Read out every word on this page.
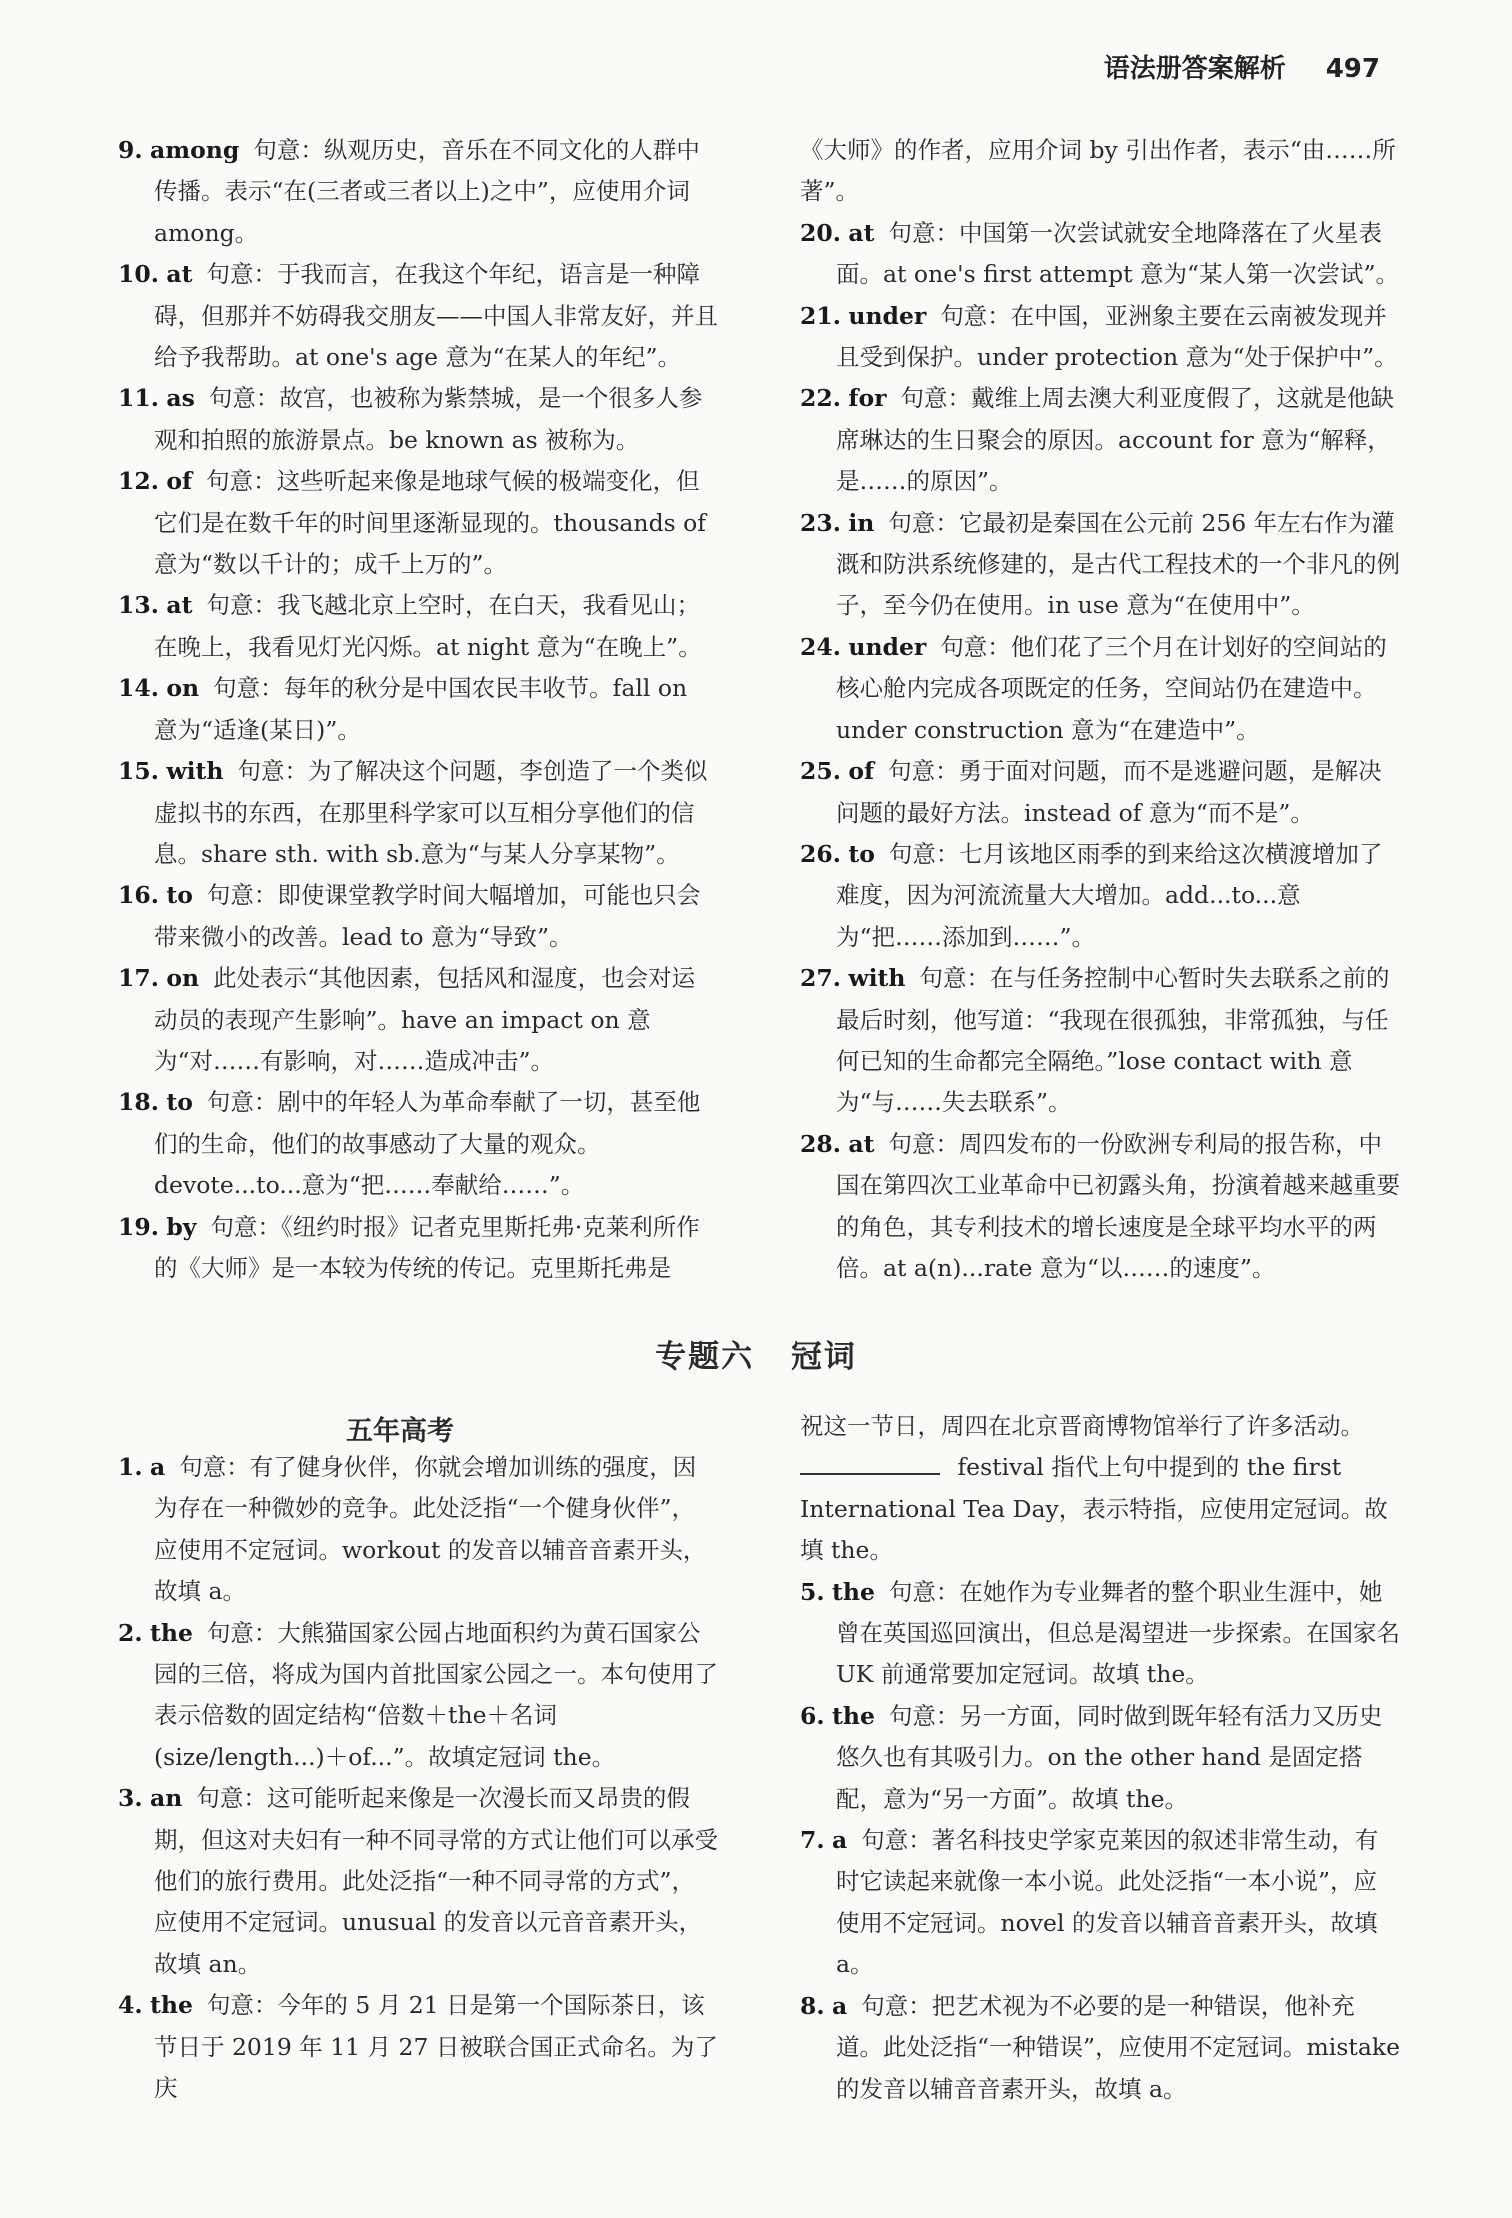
语法册答案解析 497
9. among 句意：纵观历史，音乐在不同文化的人群中传播。表示“在(三者或三者以上)之中”，应使用介词among。
10. at 句意：于我而言，在我这个年纪，语言是一种障碍，但那并不妨碍我交朋友——中国人非常友好，并且给予我帮助。at one's age 意为“在某人的年纪”。
11. as 句意：故宫，也被称为紫禁城，是一个很多人参观和拍照的旅游景点。be known as 被称为。
12. of 句意：这些听起来像是地球气候的极端变化，但它们是在数千年的时间里逐渐显现的。thousands of 意为“数以千计的；成千上万的”。
13. at 句意：我飞越北京上空时，在白天，我看见山；在晚上，我看见灯光闪烁。at night 意为“在晚上”。
14. on 句意：每年的秋分是中国农民丰收节。fall on 意为“适逢(某日)”。
15. with 句意：为了解决这个问题，李创造了一个类似虚拟书的东西，在那里科学家可以互相分享他们的信息。share sth. with sb.意为“与某人分享某物”。
16. to 句意：即使课堂教学时间大幅增加，可能也只会带来微小的改善。lead to 意为“导致”。
17. on 此处表示“其他因素，包括风和湿度，也会对运动员的表现产生影响”。have an impact on 意为“对……有影响，对……造成冲击”。
18. to 句意：剧中的年轻人为革命奉献了一切，甚至他们的生命，他们的故事感动了大量的观众。devote...to...意为“把……奉献给……”。
19. by 句意：《纽约时报》记者克里斯托弗·克莱利所作的《大师》是一本较为传统的传记。克里斯托弗是
《大师》的作者，应用介词 by 引出作者，表示“由……所著”。
20. at 句意：中国第一次尝试就安全地降落在了火星表面。at one's first attempt 意为“某人第一次尝试”。
21. under 句意：在中国，亚洲象主要在云南被发现并且受到保护。under protection 意为“处于保护中”。
22. for 句意：戴维上周去澳大利亚度假了，这就是他缺席琳达的生日聚会的原因。account for 意为“解释，是……的原因”。
23. in 句意：它最初是秦国在公元前 256 年左右作为灌溉和防洪系统修建的，是古代工程技术的一个非凡的例子，至今仍在使用。in use 意为“在使用中”。
24. under 句意：他们花了三个月在计划好的空间站的核心舱内完成各项既定的任务，空间站仍在建造中。under construction 意为“在建造中”。
25. of 句意：勇于面对问题，而不是逃避问题，是解决问题的最好方法。instead of 意为“而不是”。
26. to 句意：七月该地区雨季的到来给这次横渡增加了难度，因为河流流量大大增加。add...to...意为“把……添加到……”。
27. with 句意：在与任务控制中心暂时失去联系之前的最后时刻，他写道：“我现在很孤独，非常孤独，与任何已知的生命都完全隔绝。”lose contact with 意为“与……失去联系”。
28. at 句意：周四发布的一份欧洲专利局的报告称，中国在第四次工业革命中已初露头角，扮演着越来越重要的角色，其专利技术的增长速度是全球平均水平的两倍。at a(n)...rate 意为“以……的速度”。
专题六 冠词
五年高考
1. a 句意：有了健身伙伴，你就会增加训练的强度，因为存在一种微妙的竞争。此处泛指“一个健身伙伴”，应使用不定冠词。workout 的发音以辅音音素开头，故填 a。
2. the 句意：大熊猫国家公园占地面积约为黄石国家公园的三倍，将成为国内首批国家公园之一。本句使用了表示倍数的固定结构“倍数＋the＋名词(size/length...)＋of...”。故填定冠词 the。
3. an 句意：这可能听起来像是一次漫长而又昂贵的假期，但这对夫妇有一种不同寻常的方式让他们可以承受他们的旅行费用。此处泛指“一种不同寻常的方式”，应使用不定冠词。unusual 的发音以元音音素开头，故填 an。
4. the 句意：今年的 5 月 21 日是第一个国际茶日，该节日于 2019 年 11 月 27 日被联合国正式命名。为了庆
祝这一节日，周四在北京晋商博物馆举行了许多活动。  festival 指代上句中提到的 the first International Tea Day，表示特指，应使用定冠词。故填 the。
5. the 句意：在她作为专业舞者的整个职业生涯中，她曾在英国巡回演出，但总是渴望进一步探索。在国家名 UK 前通常要加定冠词。故填 the。
6. the 句意：另一方面，同时做到既年轻有活力又历史悠久也有其吸引力。on the other hand 是固定搭配，意为“另一方面”。故填 the。
7. a 句意：著名科技史学家克莱因的叙述非常生动，有时它读起来就像一本小说。此处泛指“一本小说”，应使用不定冠词。novel 的发音以辅音音素开头，故填 a。
8. a 句意：把艺术视为不必要的是一种错误，他补充道。此处泛指“一种错误”，应使用不定冠词。mistake 的发音以辅音音素开头，故填 a。
